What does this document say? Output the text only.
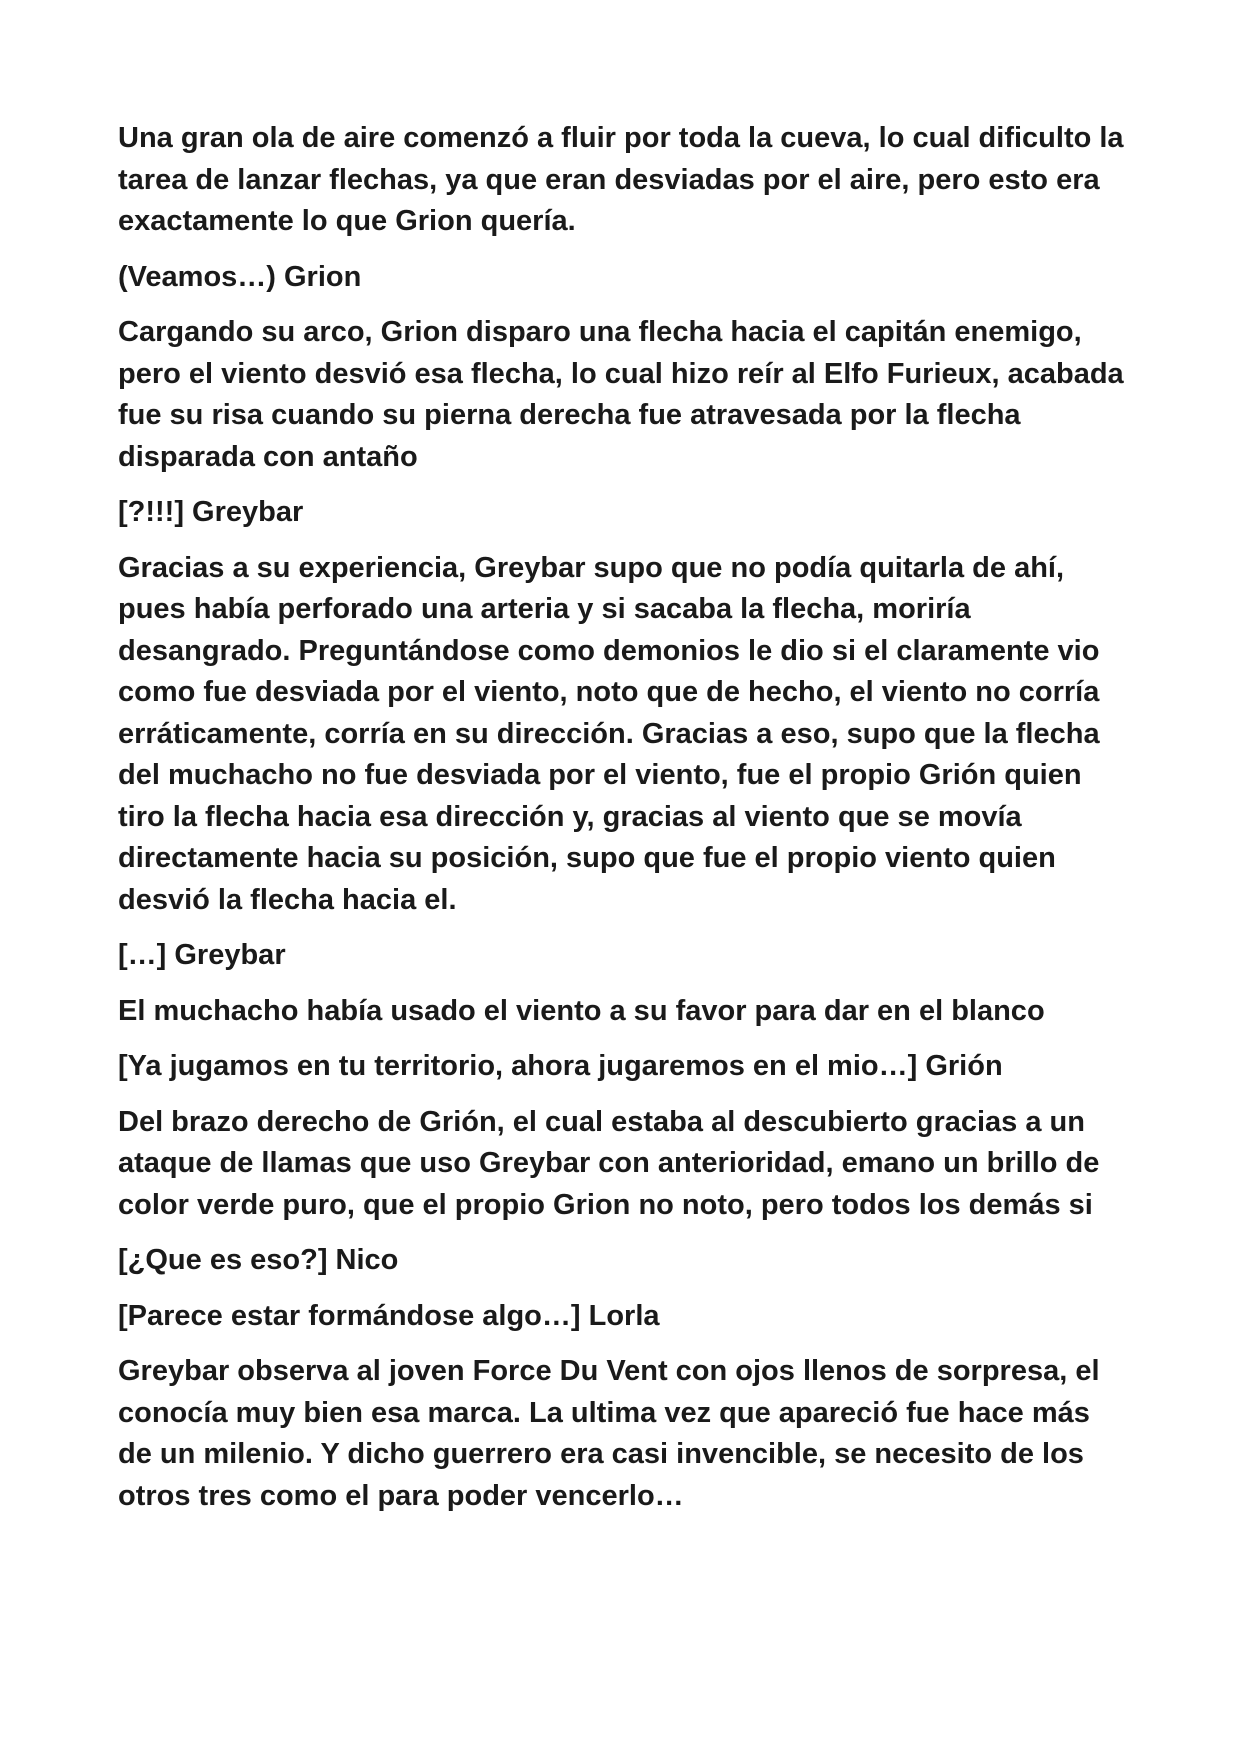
Una gran ola de aire comenzó a fluir por toda la cueva, lo cual dificulto la tarea de lanzar flechas, ya que eran desviadas por el aire, pero esto era exactamente lo que Grion quería.

(Veamos…) Grion

Cargando su arco, Grion disparo una flecha hacia el capitán enemigo, pero el viento desvió esa flecha, lo cual hizo reír al Elfo Furieux, acabada fue su risa cuando su pierna derecha fue atravesada por la flecha disparada con antaño

[?!!!] Greybar

Gracias a su experiencia, Greybar supo que no podía quitarla de ahí, pues había perforado una arteria y si sacaba la flecha, moriría desangrado. Preguntándose como demonios le dio si el claramente vio como fue desviada por el viento, noto que de hecho, el viento no corría erráticamente, corría en su dirección. Gracias a eso, supo que la flecha del muchacho no fue desviada por el viento, fue el propio Grión quien tiro la flecha hacia esa dirección y, gracias al viento que se movía directamente hacia su posición, supo que fue el propio viento quien desvió la flecha hacia el.

[…] Greybar

El muchacho había usado el viento a su favor para dar en el blanco

[Ya jugamos en tu territorio, ahora jugaremos en el mio…] Grión

Del brazo derecho de Grión, el cual estaba al descubierto gracias a un ataque de llamas que uso Greybar con anterioridad, emano un brillo de color verde puro, que el propio Grion no noto, pero todos los demás si

[¿Que es eso?] Nico

[Parece estar formándose algo…] Lorla

Greybar observa al joven Force Du Vent con ojos llenos de sorpresa, el conocía muy bien esa marca. La ultima vez que apareció fue hace más de un milenio. Y dicho guerrero era casi invencible, se necesito de los otros tres como el para poder vencerlo…
